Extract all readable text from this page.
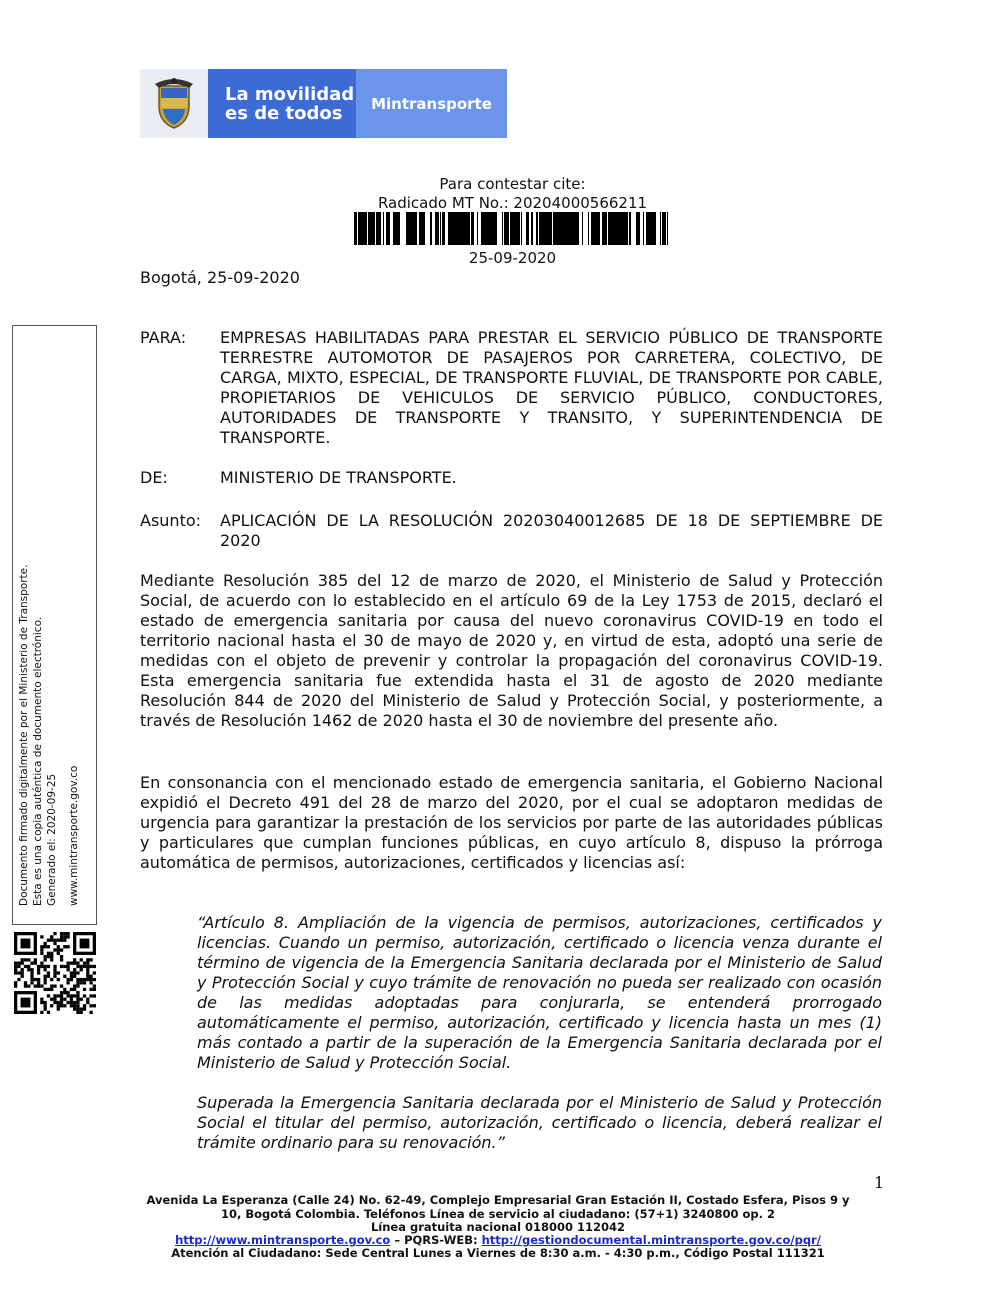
La movilidad
es de todos	Mintransporte
Para contestar cite:
Radicado MT No.: 20204000566211
25-09-2020
Bogotá, 25-09-2020
PARA: EMPRESAS HABILITADAS PARA PRESTAR EL SERVICIO PÚBLICO DE TRANSPORTE TERRESTRE AUTOMOTOR DE PASAJEROS POR CARRETERA, COLECTIVO, DE CARGA, MIXTO, ESPECIAL, DE TRANSPORTE FLUVIAL, DE TRANSPORTE POR CABLE, PROPIETARIOS DE VEHICULOS DE SERVICIO PÚBLICO, CONDUCTORES, AUTORIDADES DE TRANSPORTE Y TRANSITO, Y SUPERINTENDENCIA DE TRANSPORTE.
DE:	MINISTERIO DE TRANSPORTE.
Asunto: APLICACIÓN DE LA RESOLUCIÓN 20203040012685 DE 18 DE SEPTIEMBRE DE 2020
Mediante Resolución 385 del 12 de marzo de 2020, el Ministerio de Salud y Protección Social, de acuerdo con lo establecido en el artículo 69 de la Ley 1753 de 2015, declaró el estado de emergencia sanitaria por causa del nuevo coronavirus COVID-19 en todo el territorio nacional hasta el 30 de mayo de 2020 y, en virtud de esta, adoptó una serie de medidas con el objeto de prevenir y controlar la propagación del coronavirus COVID-19. Esta emergencia sanitaria fue extendida hasta el 31 de agosto de 2020 mediante Resolución 844 de 2020 del Ministerio de Salud y Protección Social, y posteriormente, a través de Resolución 1462 de 2020 hasta el 30 de noviembre del presente año.
En consonancia con el mencionado estado de emergencia sanitaria, el Gobierno Nacional expidió el Decreto 491 del 28 de marzo del 2020, por el cual se adoptaron medidas de urgencia para garantizar la prestación de los servicios por parte de las autoridades públicas y particulares que cumplan funciones públicas, en cuyo artículo 8, dispuso la prórroga automática de permisos, autorizaciones, certificados y licencias así:
“Artículo 8. Ampliación de la vigencia de permisos, autorizaciones, certificados y licencias. Cuando un permiso, autorización, certificado o licencia venza durante el término de vigencia de la Emergencia Sanitaria declarada por el Ministerio de Salud y Protección Social y cuyo trámite de renovación no pueda ser realizado con ocasión de las medidas adoptadas para conjurarla, se entenderá prorrogado automáticamente el permiso, autorización, certificado y licencia hasta un mes (1) más contado a partir de la superación de la Emergencia Sanitaria declarada por el Ministerio de Salud y Protección Social.
Superada la Emergencia Sanitaria declarada por el Ministerio de Salud y Protección Social el titular del permiso, autorización, certificado o licencia, deberá realizar el trámite ordinario para su renovación.”
Documento firmado digitalmente por el Ministerio de Transporte. Esta es una copia auténtica de documento electrónico. Generado el: 2020-09-25 www.mintransporte.gov.co
1
Avenida La Esperanza (Calle 24) No. 62-49, Complejo Empresarial Gran Estación II, Costado Esfera, Pisos 9 y
10, Bogotá Colombia. Teléfonos Línea de servicio al ciudadano: (57+1) 3240800 op. 2
Línea gratuita nacional 018000 112042
http://www.mintransporte.gov.co – PQRS-WEB: http://gestiondocumental.mintransporte.gov.co/pqr/
Atención al Ciudadano: Sede Central Lunes a Viernes de 8:30 a.m. - 4:30 p.m., Código Postal 111321
